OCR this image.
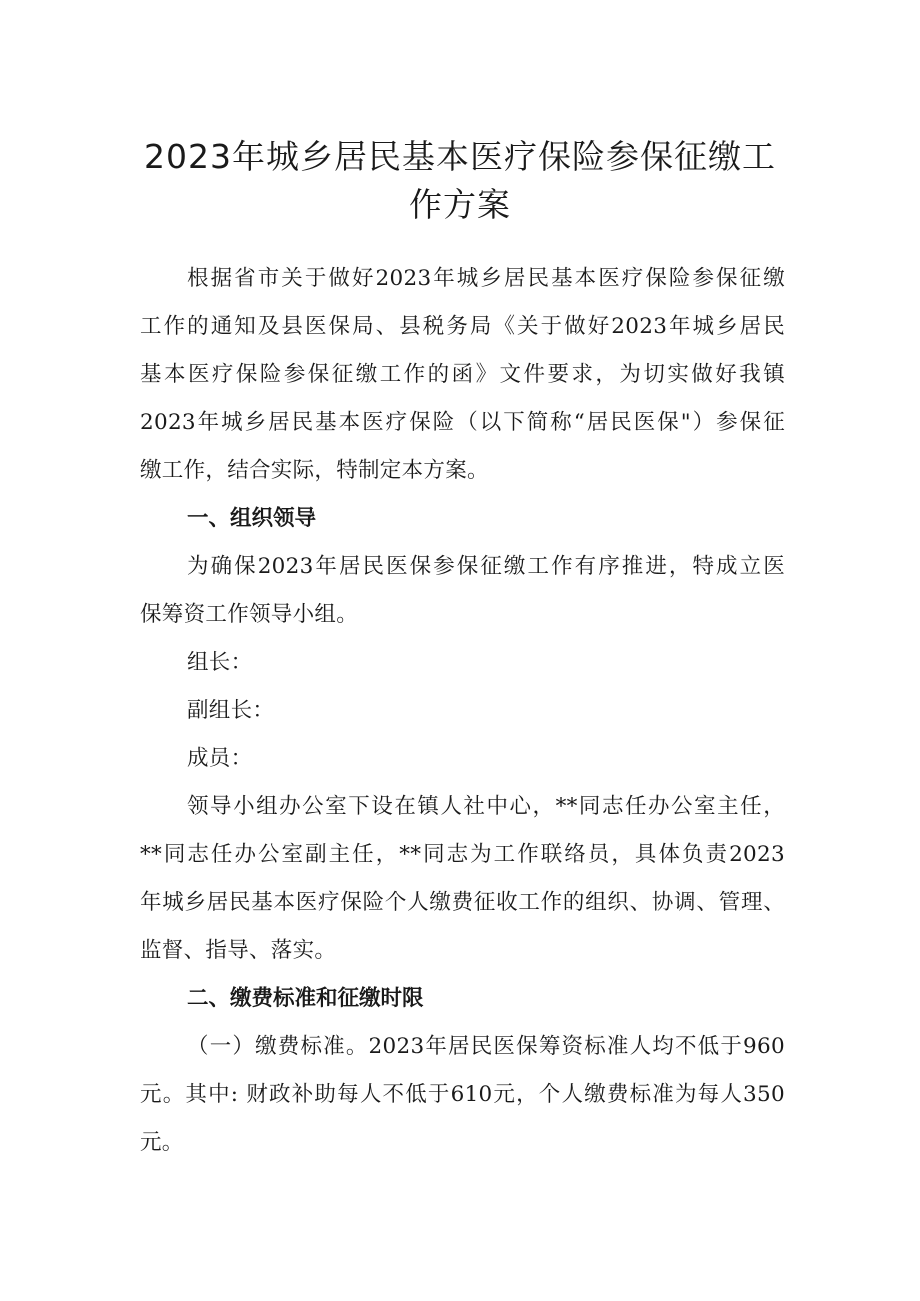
2023年城乡居民基本医疗保险参保征缴工
作方案
根据省市关于做好2023年城乡居民基本医疗保险参保征缴
工作的通知及县医保局、县税务局《关于做好2023年城乡居民
基本医疗保险参保征缴工作的函》文件要求，为切实做好我镇
2023年城乡居民基本医疗保险（以下简称“居民医保"）参保征
缴工作，结合实际，特制定本方案。
一、组织领导
为确保2023年居民医保参保征缴工作有序推进，特成立医
保筹资工作领导小组。
组长：
副组长：
成员：
领导小组办公室下设在镇人社中心，**同志任办公室主任，
**同志任办公室副主任，**同志为工作联络员，具体负责2023
年城乡居民基本医疗保险个人缴费征收工作的组织、协调、管理、
监督、指导、落实。
二、缴费标准和征缴时限
（一）缴费标准。2023年居民医保筹资标准人均不低于960
元。其中: 财政补助每人不低于610元，个人缴费标准为每人350
元。
